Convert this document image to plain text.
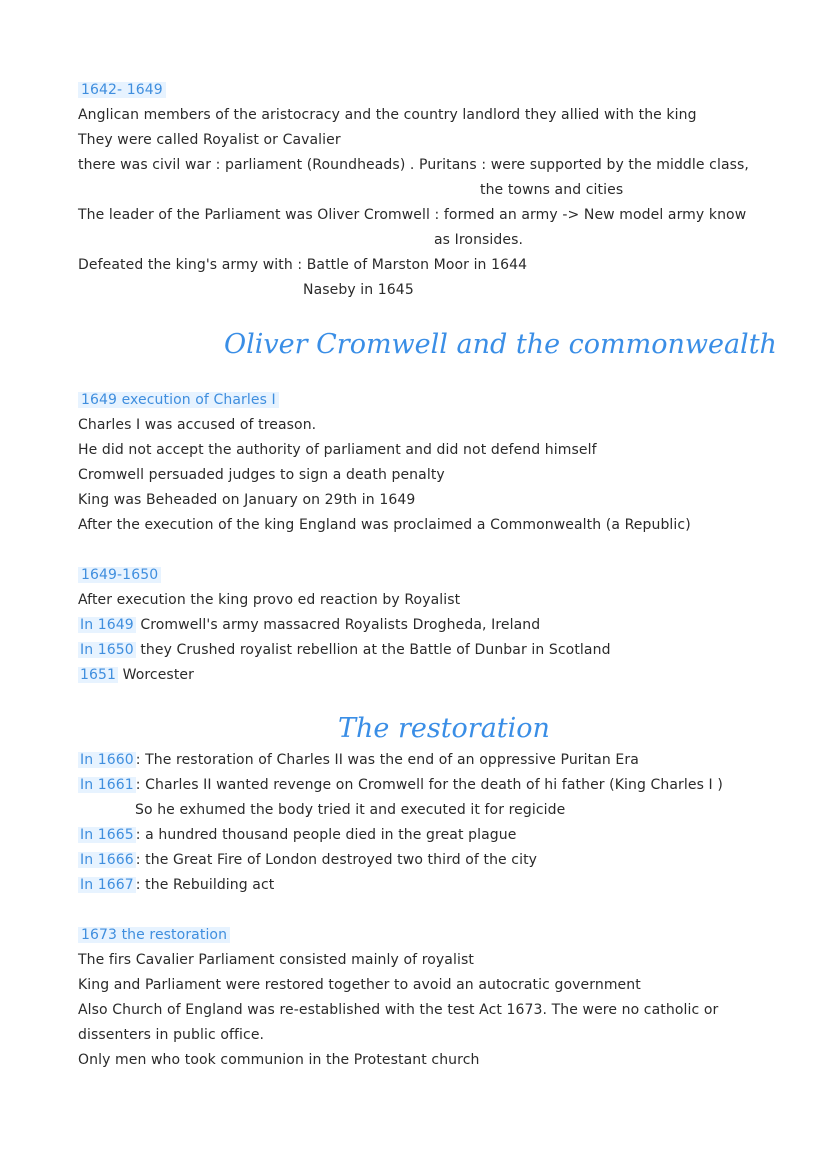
1642- 1649
Anglican members of the aristocracy and the country landlord they allied with the king
They were called Royalist or Cavalier
there was civil war : parliament (Roundheads) . Puritans : were supported by the middle class,
the towns and cities
The leader of the Parliament was Oliver Cromwell : formed an army -> New model army know
as Ironsides.
Defeated the king's army with : Battle of Marston Moor in 1644
Naseby in 1645
Oliver Cromwell and the commonwealth
1649 execution of Charles I
Charles I was accused of treason.
He did not accept the authority of parliament and did not defend himself
Cromwell persuaded judges to sign a death penalty
King was Beheaded on January on 29th in 1649
After the execution of the king England was proclaimed a Commonwealth (a Republic)
1649-1650
After execution the king provo ed reaction by Royalist
In 1649 Cromwell's army massacred Royalists Drogheda, Ireland
In 1650 they Crushed royalist rebellion at the Battle of Dunbar in Scotland
1651 Worcester
The restoration
In 1660 : The restoration of Charles II was the end of an oppressive Puritan Era
In 1661 : Charles II wanted revenge on Cromwell for the death of hi father (King Charles I )
So he exhumed the body tried it and executed it for regicide
In 1665 : a hundred thousand people died in the great plague
In 1666 : the Great Fire of London destroyed two third of the city
In 1667 : the Rebuilding act
1673 the restoration
The firs Cavalier Parliament consisted mainly of royalist
King and Parliament were restored together to avoid an autocratic government
Also Church of England was re-established with the test Act 1673. The were no catholic or
dissenters in public office.
Only men who took communion in the Protestant church
